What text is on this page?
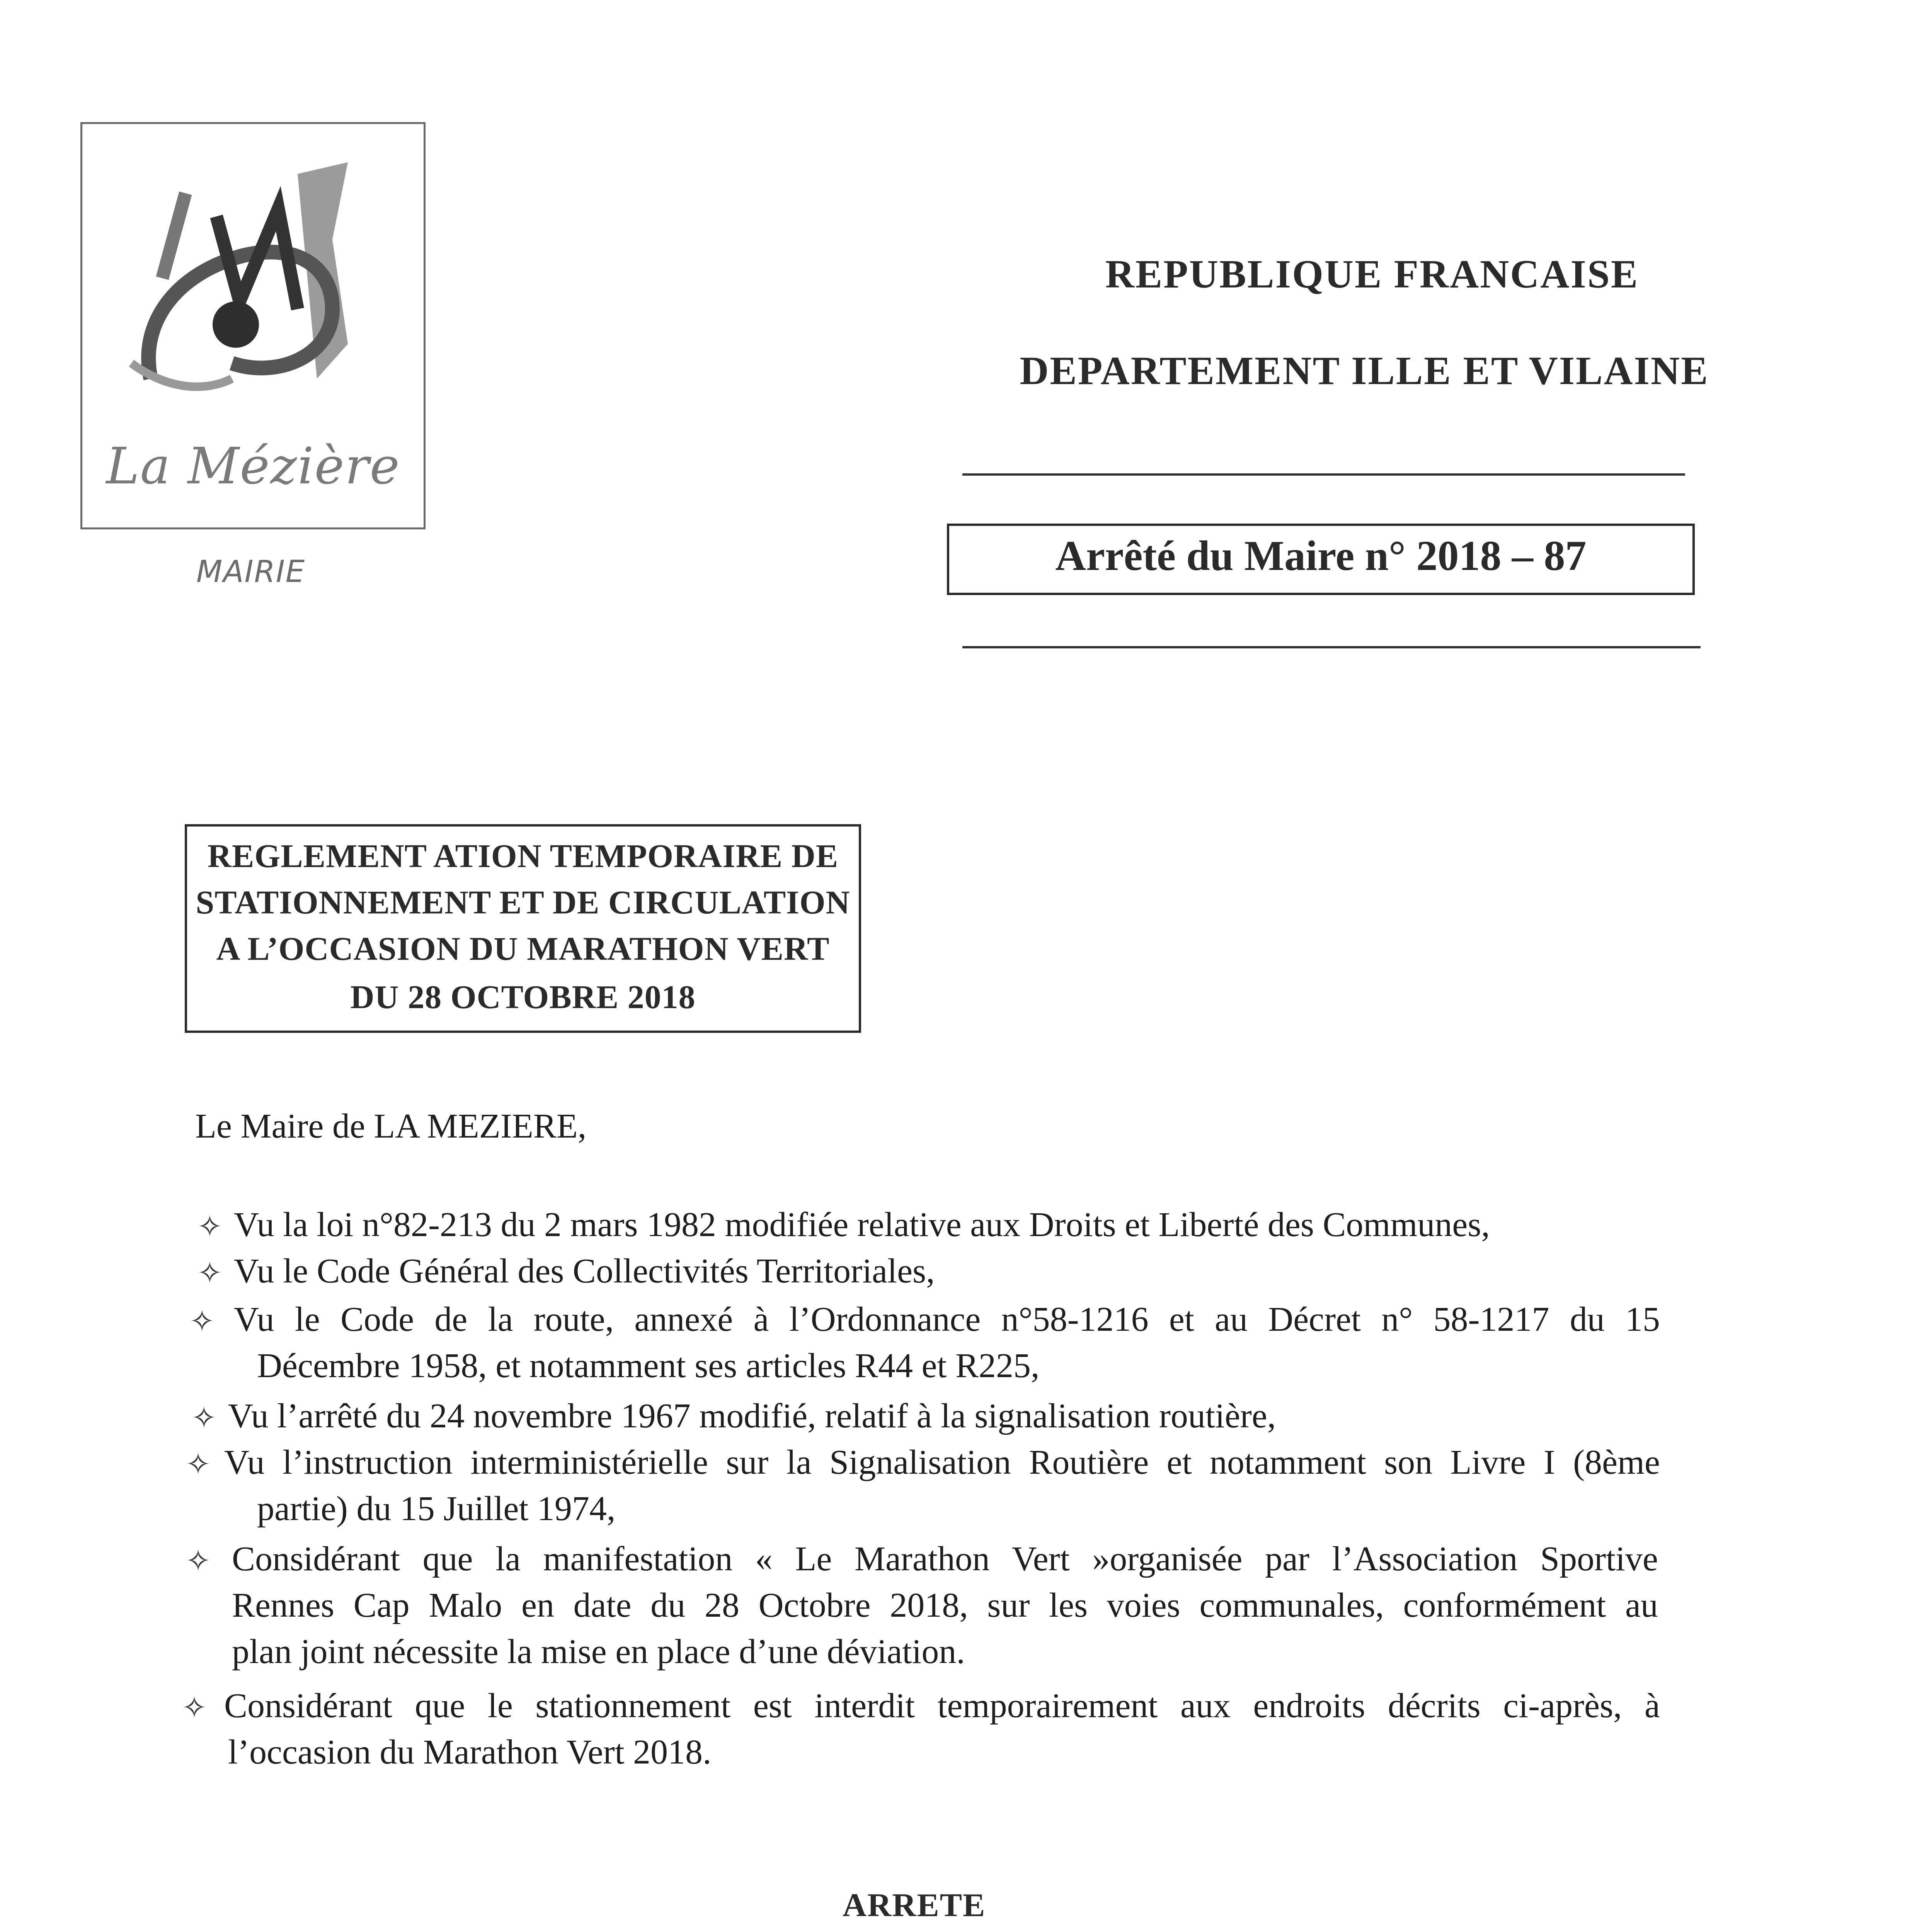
La Mézière
MAIRIE
REPUBLIQUE FRANCAISE
DEPARTEMENT ILLE ET VILAINE
Arrêté du Maire n° 2018 – 87
REGLEMENT ATION TEMPORAIRE DE
STATIONNEMENT ET DE CIRCULATION
A L’OCCASION DU MARATHON VERT
DU 28 OCTOBRE 2018
Le Maire de LA MEZIERE,
✧ Vu la loi n°82-213 du 2 mars 1982 modifiée relative aux Droits et Liberté des Communes,
✧ Vu le Code Général des Collectivités Territoriales,
✧ Vu le Code de la route, annexé à l’Ordonnance n°58-1216 et au Décret n° 58-1217 du 15
Décembre 1958, et notamment ses articles R44 et R225,
✧ Vu l’arrêté du 24 novembre 1967 modifié, relatif à la signalisation routière,
✧ Vu l’instruction interministérielle sur la Signalisation Routière et notamment son Livre I (8ème
partie) du 15 Juillet 1974,
✧ Considérant que la manifestation « Le Marathon Vert »organisée par l’Association Sportive
Rennes Cap Malo en date du 28 Octobre 2018, sur les voies communales, conformément au
plan joint nécessite la mise en place d’une déviation.
✧ Considérant que le stationnement est interdit temporairement aux endroits décrits ci-après, à
l’occasion du Marathon Vert 2018.
ARRETE
